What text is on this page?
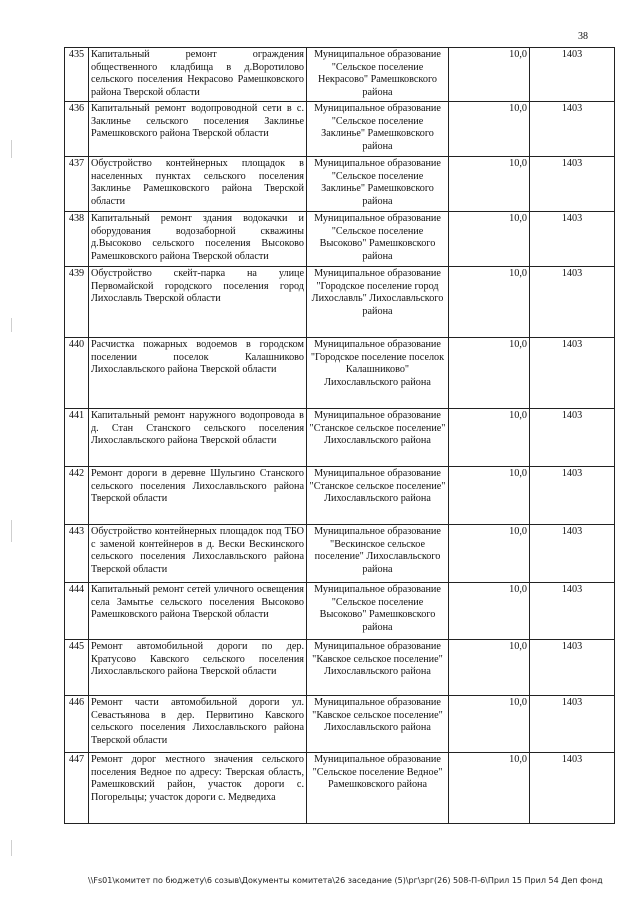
38
435	Капитальный ремонт ограждения общественного кладбища в д.Воротилово сельского поселения Некрасово Рамешковского района Тверской области	Муниципальное образование "Сельское поселение Некрасово" Рамешковского района	10,0	1403
436	Капитальный ремонт водопроводной сети в с. Заклинье сельского поселения Заклинье Рамешковского района Тверской области	Муниципальное образование "Сельское поселение Заклинье" Рамешковского района	10,0	1403
437	Обустройство контейнерных площадок в населенных пунктах сельского поселения Заклинье Рамешковского района Тверской области	Муниципальное образование "Сельское поселение Заклинье" Рамешковского района	10,0	1403
438	Капитальный ремонт здания водокачки и оборудования водозаборной скважины д.Высоково сельского поселения Высоково Рамешковского района Тверской области	Муниципальное образование "Сельское поселение Высоково" Рамешковского района	10,0	1403
439	Обустройство скейт-парка на улице Первомайской городского поселения город Лихославль Тверской области	Муниципальное образование "Городское поселение город Лихославль" Лихославльского района	10,0	1403
440	Расчистка пожарных водоемов в городском поселении поселок Калашниково Лихославльского района Тверской области	Муниципальное образование "Городское поселение поселок Калашниково" Лихославльского района	10,0	1403
441	Капитальный ремонт наружного водопровода в д. Стан Станского сельского поселения Лихославльского района Тверской области	Муниципальное образование "Станское сельское поселение" Лихославльского района	10,0	1403
442	Ремонт дороги в деревне Шульгино Станского сельского поселения Лихославльского района Тверской области	Муниципальное образование "Станское сельское поселение" Лихославльского района	10,0	1403
443	Обустройство контейнерных площадок под ТБО с заменой контейнеров в д. Вески Вескинского сельского поселения Лихославльского района Тверской области	Муниципальное образование "Вескинское сельское поселение" Лихославльского района	10,0	1403
444	Капитальный ремонт сетей уличного освещения села Замытье сельского поселения Высоково Рамешковского района Тверской области	Муниципальное образование "Сельское поселение Высоково" Рамешковского района	10,0	1403
445	Ремонт автомобильной дороги по дер. Кратусово Кавского сельского поселения Лихославльского района Тверской области	Муниципальное образование "Кавское сельское поселение" Лихославльского района	10,0	1403
446	Ремонт части автомобильной дороги ул. Севастьянова в дер. Первитино Кавского сельского поселения Лихославльского района Тверской области	Муниципальное образование "Кавское сельское поселение" Лихославльского района	10,0	1403
447	Ремонт дорог местного значения сельского поселения Ведное по адресу: Тверская область, Рамешковский район, участок дороги с. Погорельцы; участок дороги с. Медведиха	Муниципальное образование "Сельское поселение Ведное" Рамешковского района	10,0	1403
\\Fs01\комитет по бюджету\6 созыв\Документы комитета\26 заседание (5)\рг\зрг(26) 508-П-6\Прил 15 Прил 54 Деп фонд
